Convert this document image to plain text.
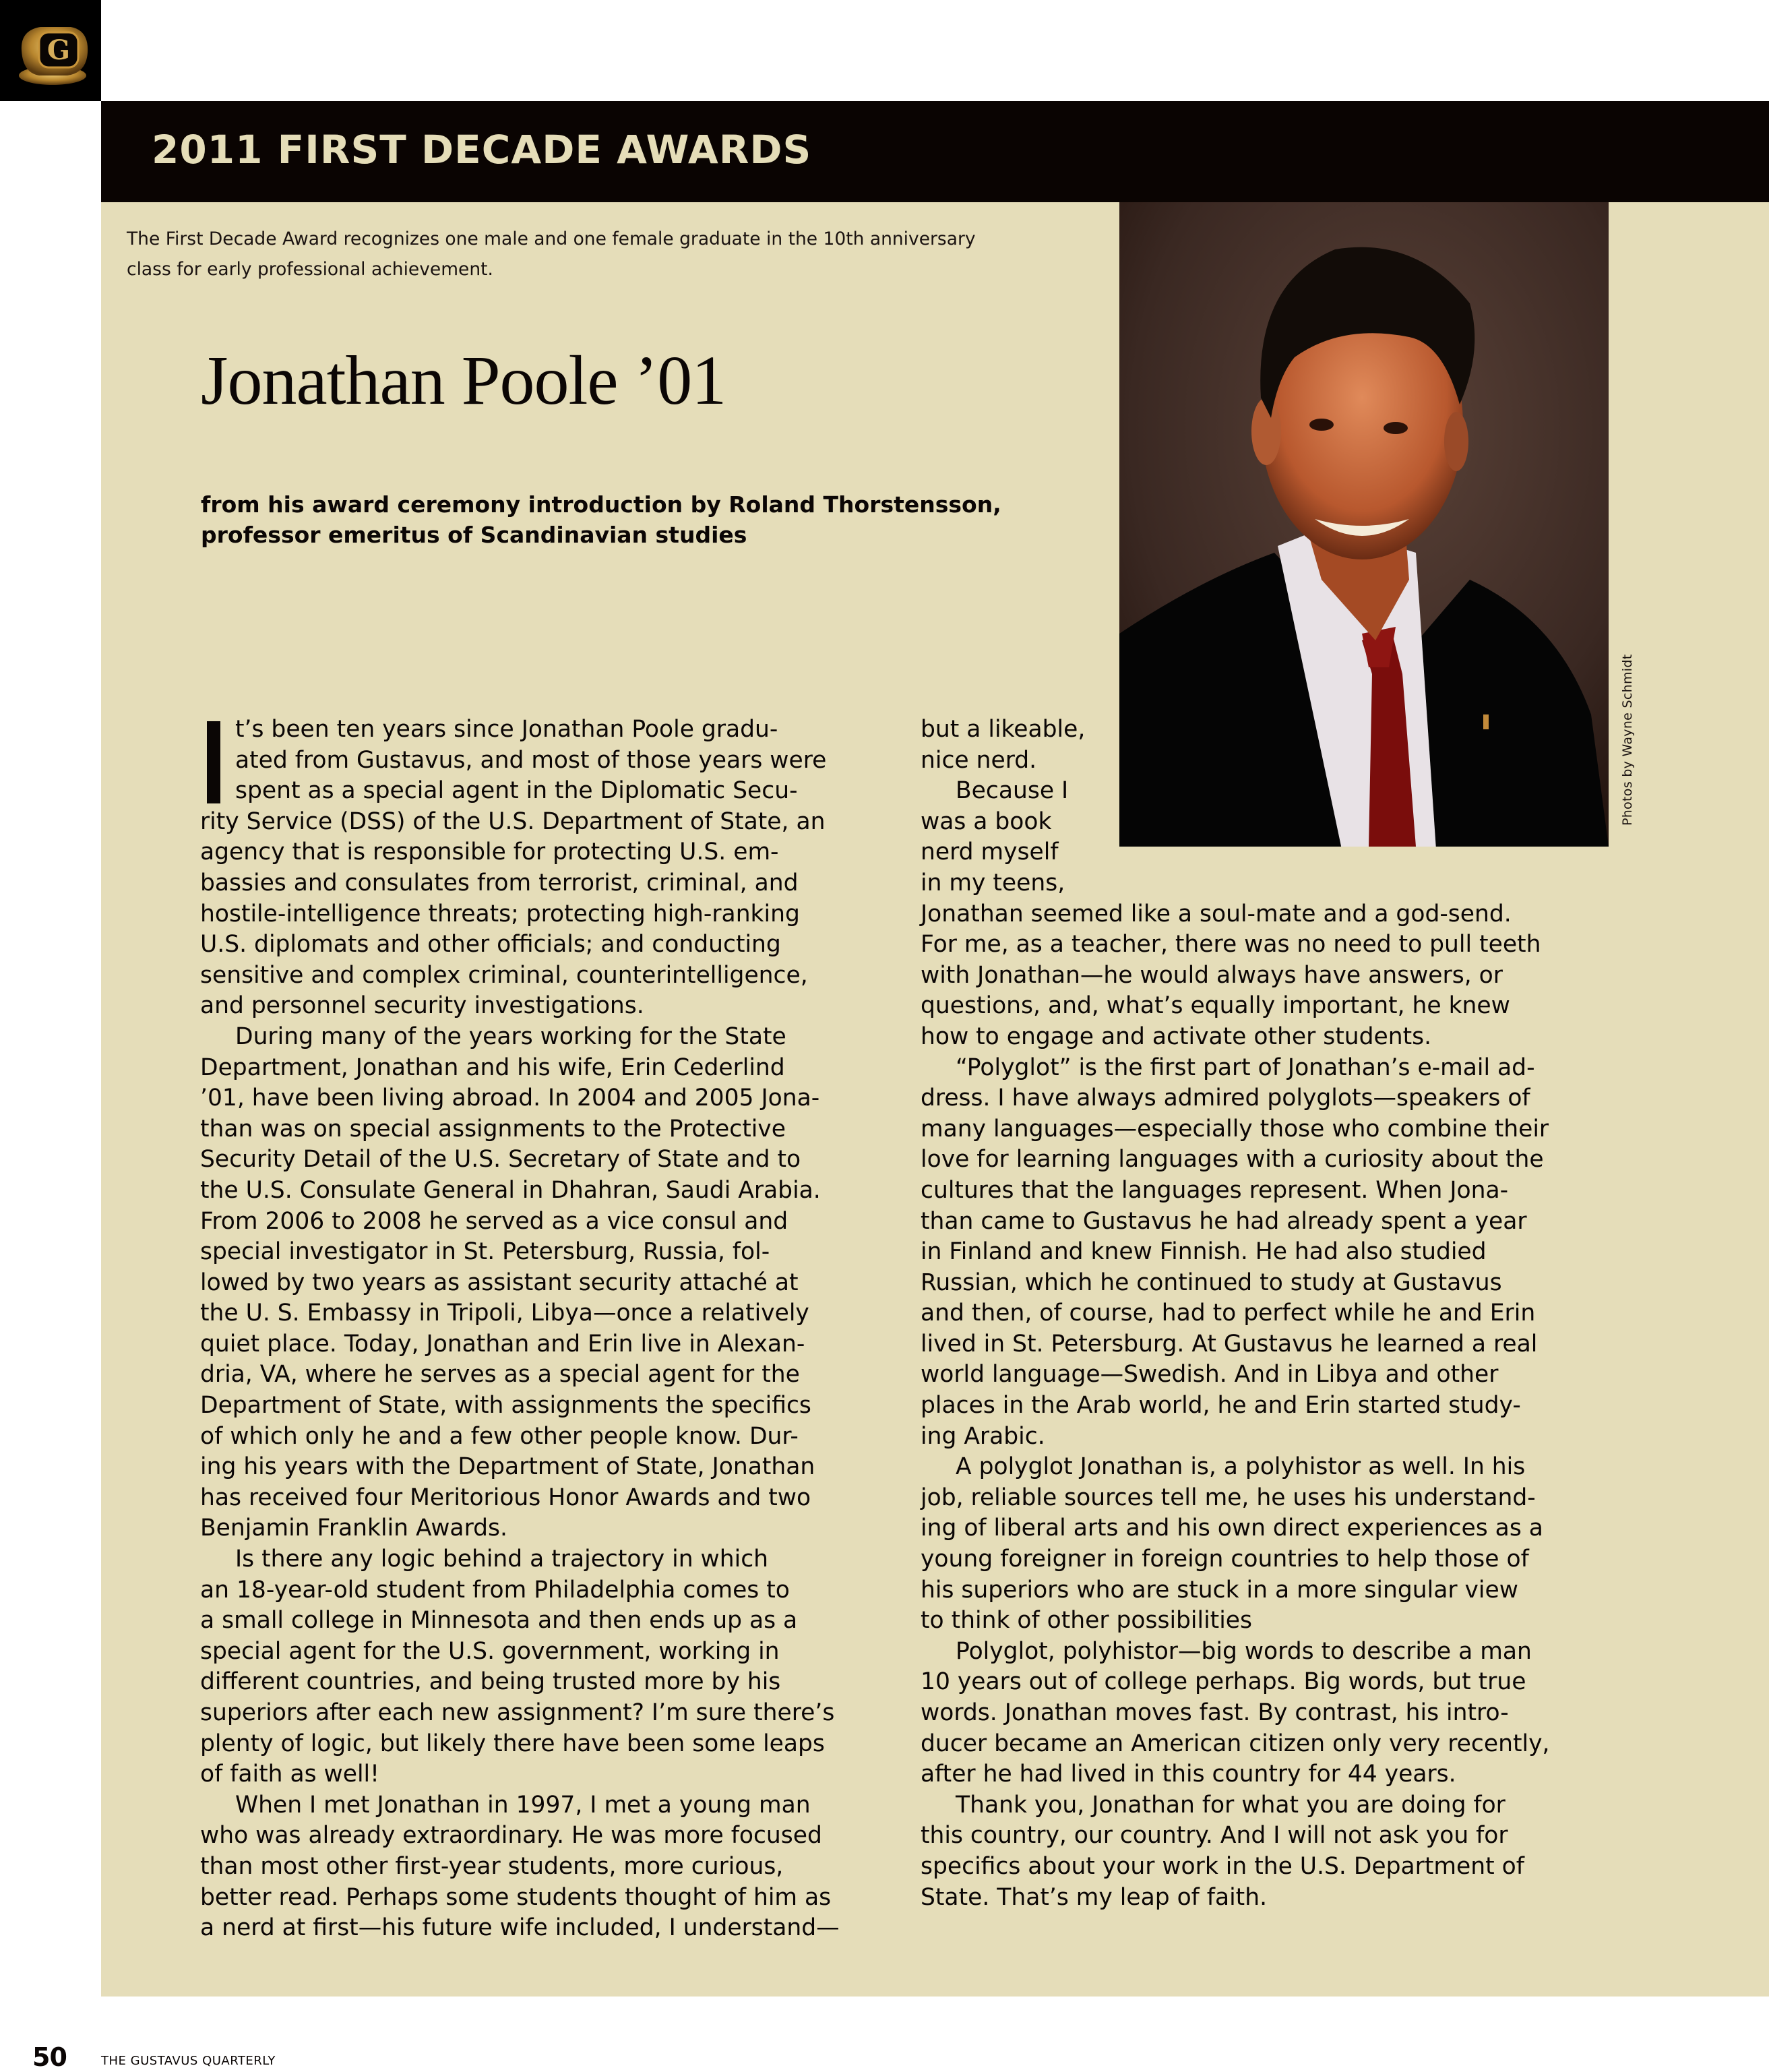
G
2011 FIRST DECADE AWARDS
The First Decade Award recognizes one male and one female graduate in the 10th anniversary
class for early professional achievement.
Jonathan Poole ’01
from his award ceremony introduction by Roland Thorstensson,
professor emeritus of Scandinavian studies
Photos by Wayne Schmidt
t’s been ten years since Jonathan Poole gradu-
ated from Gustavus, and most of those years were
spent as a special agent in the Diplomatic Secu-
rity Service (DSS) of the U.S. Department of State, an
agency that is responsible for protecting U.S. em-
bassies and consulates from terrorist, criminal, and
hostile-intelligence threats; protecting high-ranking
U.S. diplomats and other officials; and conducting
sensitive and complex criminal, counterintelligence,
and personnel security investigations.
During many of the years working for the State
Department, Jonathan and his wife, Erin Cederlind
’01, have been living abroad. In 2004 and 2005 Jona-
than was on special assignments to the Protective
Security Detail of the U.S. Secretary of State and to
the U.S. Consulate General in Dhahran, Saudi Arabia.
From 2006 to 2008 he served as a vice consul and
special investigator in St. Petersburg, Russia, fol-
lowed by two years as assistant security attaché at
the U. S. Embassy in Tripoli, Libya—once a relatively
quiet place. Today, Jonathan and Erin live in Alexan-
dria, VA, where he serves as a special agent for the
Department of State, with assignments the specifics
of which only he and a few other people know. Dur-
ing his years with the Department of State, Jonathan
has received four Meritorious Honor Awards and two
Benjamin Franklin Awards.
Is there any logic behind a trajectory in which
an 18-year-old student from Philadelphia comes to
a small college in Minnesota and then ends up as a
special agent for the U.S. government, working in
different countries, and being trusted more by his
superiors after each new assignment? I’m sure there’s
plenty of logic, but likely there have been some leaps
of faith as well!
When I met Jonathan in 1997, I met a young man
who was already extraordinary. He was more focused
than most other first-year students, more curious,
better read. Perhaps some students thought of him as
a nerd at first—his future wife included, I understand—
but a likeable,
nice nerd.
Because I
was a book
nerd myself
in my teens,
Jonathan seemed like a soul-mate and a god-send.
For me, as a teacher, there was no need to pull teeth
with Jonathan—he would always have answers, or
questions, and, what’s equally important, he knew
how to engage and activate other students.
“Polyglot” is the first part of Jonathan’s e-mail ad-
dress. I have always admired polyglots—speakers of
many languages—especially those who combine their
love for learning languages with a curiosity about the
cultures that the languages represent. When Jona-
than came to Gustavus he had already spent a year
in Finland and knew Finnish. He had also studied
Russian, which he continued to study at Gustavus
and then, of course, had to perfect while he and Erin
lived in St. Petersburg. At Gustavus he learned a real
world language—Swedish. And in Libya and other
places in the Arab world, he and Erin started study-
ing Arabic.
A polyglot Jonathan is, a polyhistor as well. In his
job, reliable sources tell me, he uses his understand-
ing of liberal arts and his own direct experiences as a
young foreigner in foreign countries to help those of
his superiors who are stuck in a more singular view
to think of other possibilities
Polyglot, polyhistor—big words to describe a man
10 years out of college perhaps. Big words, but true
words. Jonathan moves fast. By contrast, his intro-
ducer became an American citizen only very recently,
after he had lived in this country for 44 years.
Thank you, Jonathan for what you are doing for
this country, our country. And I will not ask you for
specifics about your work in the U.S. Department of
State. That’s my leap of faith.
50	THE GUSTAVUS QUARTERLY
